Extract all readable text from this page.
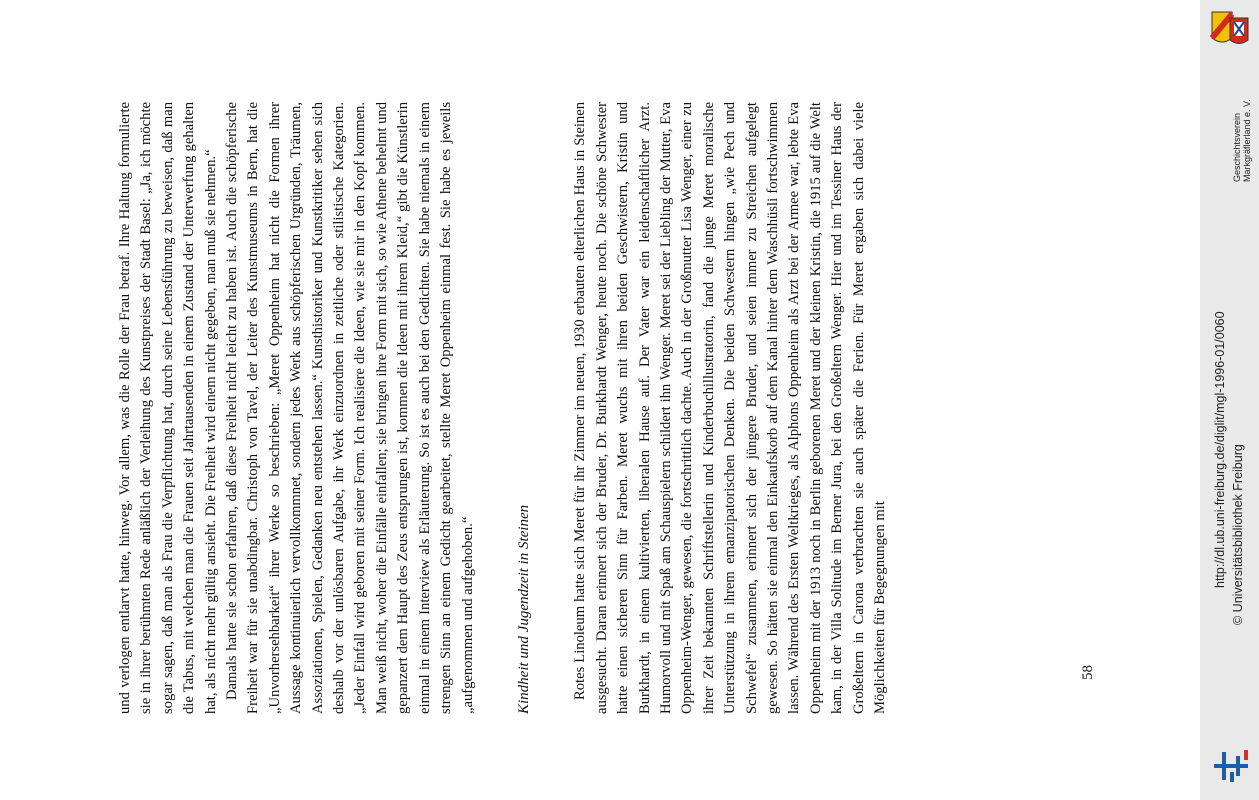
und verlogen entlarvt hatte, hinweg. Vor allem, was die Rolle der Frau betraf. Ihre Haltung formulierte sie in ihrer berühmten Rede anläßlich der Verleihung des Kunstpreises der Stadt Basel: „Ja, ich möchte sogar sagen, daß man als Frau die Verpflichtung hat, durch seine Lebensführung zu beweisen, daß man die Tabus, mit welchen man die Frauen seit Jahrtausenden in einem Zustand der Unterwerfung gehalten hat, als nicht mehr gültig ansieht. Die Freiheit wird einem nicht gegeben, man muß sie nehmen.“ Damals hatte sie schon erfahren, daß diese Freiheit nicht leicht zu haben ist. Auch die schöpferische Freiheit war für sie unabdingbar. Christoph von Tavel, der Leiter des Kunstmuseums in Bern, hat die „Unvorhersehbarkeit“ ihrer Werke so beschrieben: „Meret Oppenheim hat nicht die Formen ihrer Aussage kontinuierlich vervollkommnet, sondern jedes Werk aus schöpferischen Urgründen, Träumen, Assoziationen, Spielen, Gedanken neu entstehen lassen.“ Kunsthistoriker und Kunstkritiker sehen sich deshalb vor der unlösbaren Aufgabe, ihr Werk einzuordnen in zeitliche oder stilistische Kategorien. „Jeder Einfall wird geboren mit seiner Form. Ich realisiere die Ideen, wie sie mir in den Kopf kommen. Man weiß nicht, woher die Einfälle einfallen; sie bringen ihre Form mit sich, so wie Athene behelmt und gepanzert dem Haupt des Zeus entsprungen ist, kommen die Ideen mit ihrem Kleid,“ gibt die Künstlerin einmal in einem Interview als Erläuterung. So ist es auch bei den Gedichten. Sie habe niemals in einem strengen Sinn an einem Gedicht gearbeitet, stellte Meret Oppenheim einmal fest. Sie habe es jeweils „aufgenommen und aufgehoben.“	Kindheit und Jugendzeit in Steinen	Rotes Linoleum hatte sich Meret für ihr Zimmer im neuen, 1930 erbauten elterlichen Haus in Steinen ausgesucht. Daran erinnert sich der Bruder, Dr. Burkhardt Wenger, heute noch. Die schöne Schwester hatte einen sicheren Sinn für Farben. Meret wuchs mit ihren beiden Geschwistern, Kristin und Burkhardt, in einem kultivierten, liberalen Hause auf. Der Vater war ein leidenschaftlicher Arzt. Humorvoll und mit Spaß am Schauspielern schildert ihn Wenger. Meret sei der Liebling der Mutter, Eva Oppenheim-Wenger, gewesen, die fortschrittlich dachte. Auch in der Großmutter Lisa Wenger, einer zu ihrer Zeit bekannten Schriftstellerin und Kinderbuchillustratorin, fand die junge Meret moralische Unterstützung in ihrem emanzipatorischen Denken. Die beiden Schwestern hingen „wie Pech und Schwefel“ zusammen, erinnert sich der jüngere Bruder, und seien immer zu Streichen aufgelegt gewesen. So hätten sie einmal den Einkaufskorb auf dem Kanal hinter dem Waschhüsli fortschwimmen lassen. Während des Ersten Weltkrieges, als Alphons Oppenheim als Arzt bei der Armee war, lebte Eva Oppenheim mit der 1913 noch in Berlin geborenen Meret und der kleinen Kristin, die 1915 auf die Welt kam, in der Villa Solitude im Berner Jura, bei den Großeltern Wenger. Hier und im Tessiner Haus der Großeltern in Carona verbrachten sie auch später die Ferien. Für Meret ergaben sich dabei viele Möglichkeiten für Begegnungen mit	58
Geschichtsverein Markgräflerland e. V.
http://dl.ub.uni-freiburg.de/diglit/mgl-1996-01/0060 © Universitätsbibliothek Freiburg
